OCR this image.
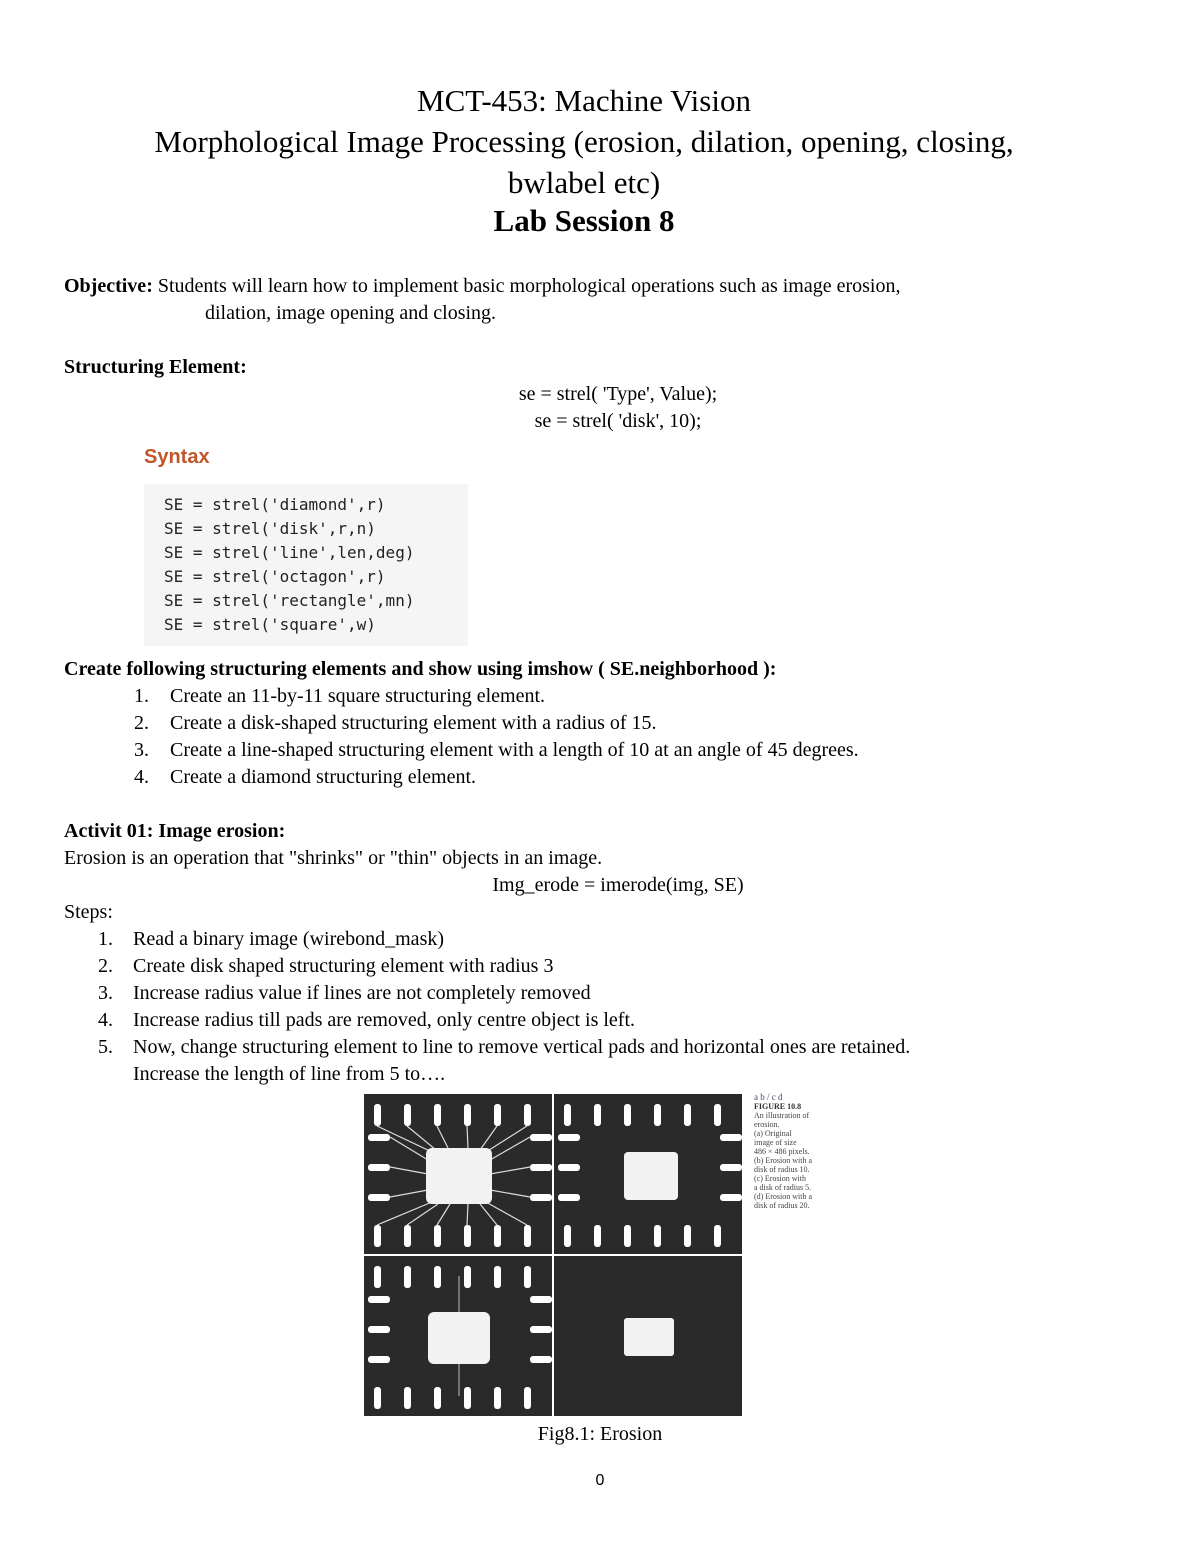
MCT-453: Machine Vision
Morphological Image Processing (erosion, dilation, opening, closing,
bwlabel etc)
Lab Session 8
Objective: Students will learn how to implement basic morphological operations such as image erosion,
dilation, image opening and closing.
Structuring Element:
se = strel( 'Type', Value);
se = strel( 'disk', 10);
Syntax
SE = strel('diamond',r)
SE = strel('disk',r,n)
SE = strel('line',len,deg)
SE = strel('octagon',r)
SE = strel('rectangle',mn)
SE = strel('square',w)
Create following structuring elements and show using imshow ( SE.neighborhood ):
1. Create an 11-by-11 square structuring element.
2. Create a disk-shaped structuring element with a radius of 15.
3. Create a line-shaped structuring element with a length of 10 at an angle of 45 degrees.
4. Create a diamond structuring element.
Activit 01: Image erosion:
Erosion is an operation that "shrinks" or "thin" objects in an image.
Img_erode = imerode(img, SE)
Steps:
1. Read a binary image (wirebond_mask)
2. Create disk shaped structuring element with radius 3
3. Increase radius value if lines are not completely removed
4. Increase radius till pads are removed, only centre object is left.
5. Now, change structuring element to line to remove vertical pads and horizontal ones are retained.
Increase the length of line from 5 to….
a b / c d
FIGURE 10.8
An illustration of
erosion.
(a) Original
image of size
486 × 486 pixels.
(b) Erosion with a
disk of radius 10.
(c) Erosion with
a disk of radius 5.
(d) Erosion with a
disk of radius 20.
Fig8.1: Erosion
0
